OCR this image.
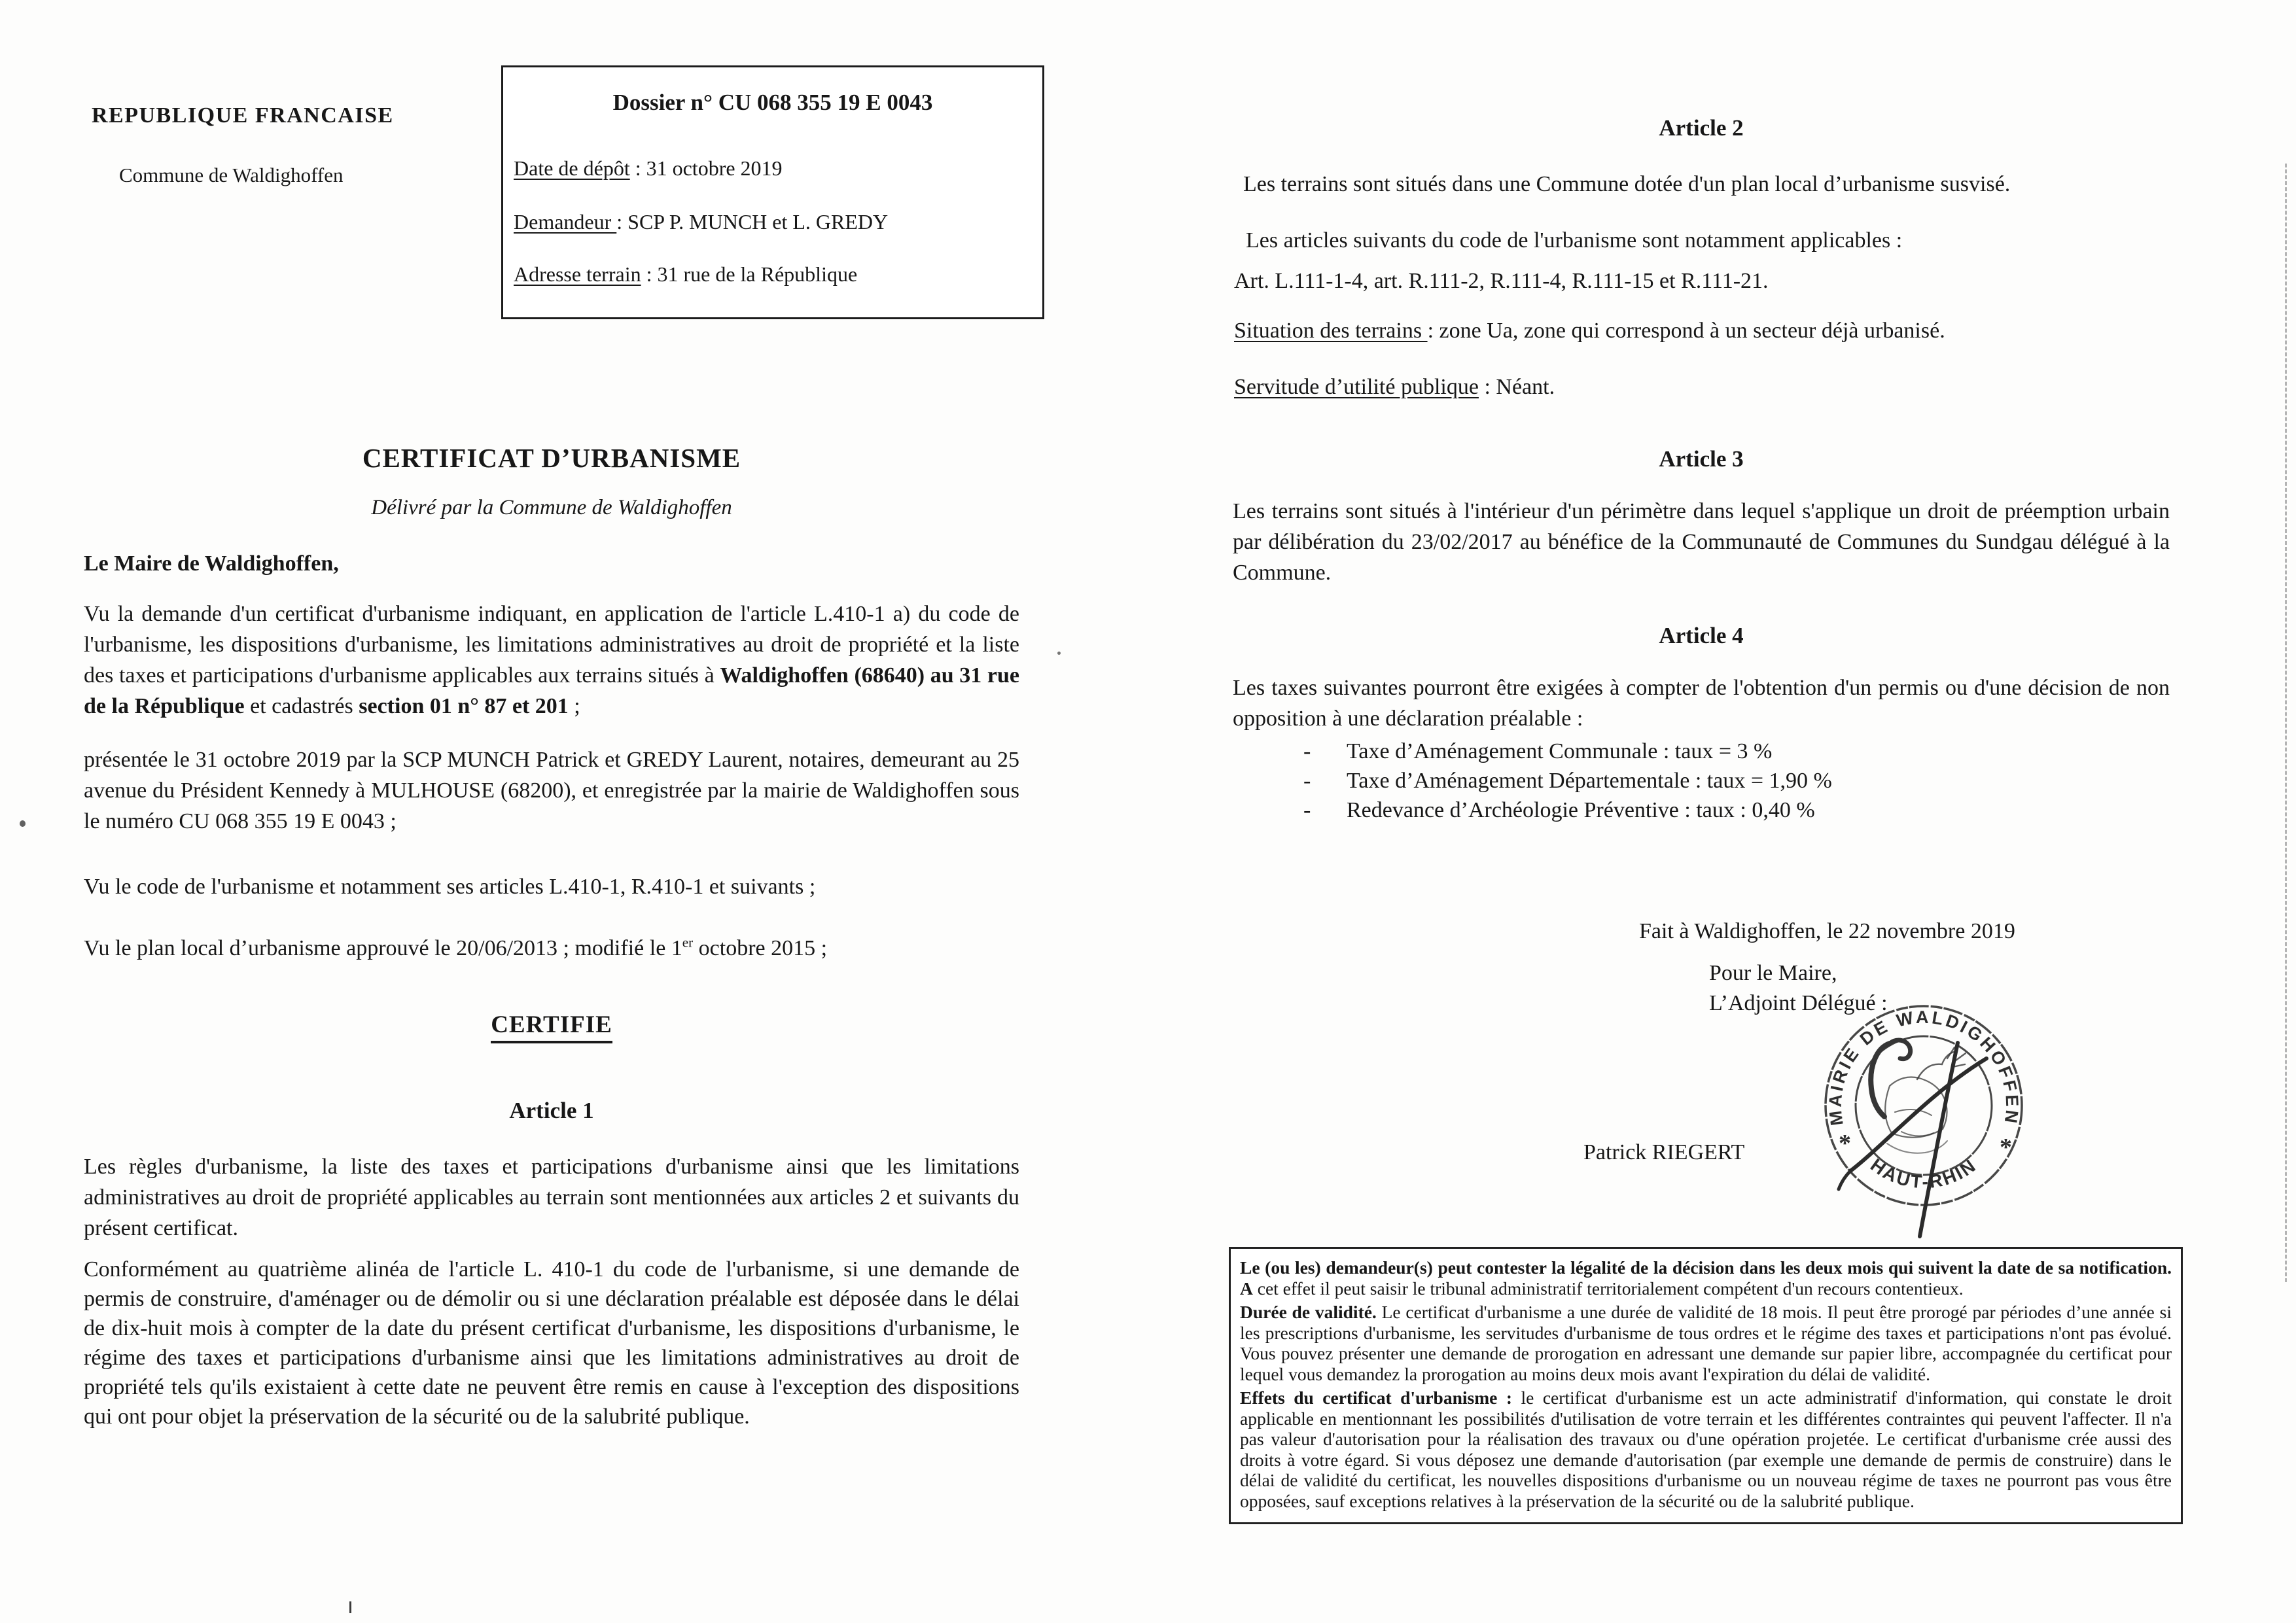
REPUBLIQUE FRANCAISE
Commune de Waldighoffen
Dossier n° CU 068 355 19 E 0043
Date de dépôt : 31 octobre 2019
Demandeur : SCP P. MUNCH et L. GREDY
Adresse terrain : 31 rue de la République
CERTIFICAT D’URBANISME
Délivré par la Commune de Waldighoffen
Le Maire de Waldighoffen,
Vu la demande d'un certificat d'urbanisme indiquant, en application de l'article L.410-1 a) du code de l'urbanisme, les dispositions d'urbanisme, les limitations administratives au droit de propriété et la liste des taxes et participations d'urbanisme applicables aux terrains situés à Waldighoffen (68640) au 31 rue de la République et cadastrés section 01 n° 87 et 201 ;
présentée le 31 octobre 2019 par la SCP MUNCH Patrick et GREDY Laurent, notaires, demeurant au 25 avenue du Président Kennedy à MULHOUSE (68200), et enregistrée par la mairie de Waldighoffen sous le numéro CU 068 355 19 E 0043 ;
Vu le code de l'urbanisme et notamment ses articles L.410-1, R.410-1 et suivants ;
Vu le plan local d’urbanisme approuvé le 20/06/2013 ; modifié le 1er octobre 2015 ;
CERTIFIE
Article 1
Les règles d'urbanisme, la liste des taxes et participations d'urbanisme ainsi que les limitations administratives au droit de propriété applicables au terrain sont mentionnées aux articles 2 et suivants du présent certificat.
Conformément au quatrième alinéa de l'article L. 410-1 du code de l'urbanisme, si une demande de permis de construire, d'aménager ou de démolir ou si une déclaration préalable est déposée dans le délai de dix-huit mois à compter de la date du présent certificat d'urbanisme, les dispositions d'urbanisme, le régime des taxes et participations d'urbanisme ainsi que les limitations administratives au droit de propriété tels qu'ils existaient à cette date ne peuvent être remis en cause à l'exception des dispositions qui ont pour objet la préservation de la sécurité ou de la salubrité publique.
Article 2
Les terrains sont situés dans une Commune dotée d'un plan local d’urbanisme susvisé.
Les articles suivants du code de l'urbanisme sont notamment applicables :
Art. L.111-1-4, art. R.111-2, R.111-4, R.111-15 et R.111-21.
Situation des terrains : zone Ua, zone qui correspond à un secteur déjà urbanisé.
Servitude d’utilité publique : Néant.
Article 3
Les terrains sont situés à l'intérieur d'un périmètre dans lequel s'applique un droit de préemption urbain par délibération du 23/02/2017 au bénéfice de la Communauté de Communes du Sundgau délégué à la Commune.
Article 4
Les taxes suivantes pourront être exigées à compter de l'obtention d'un permis ou d'une décision de non opposition à une déclaration préalable :
-	Taxe d’Aménagement Communale : taux = 3 %
-	Taxe d’Aménagement Départementale : taux = 1,90 %
-	Redevance d’Archéologie Préventive : taux : 0,40 %
Fait à Waldighoffen, le 22 novembre 2019
Pour le Maire,
L’Adjoint Délégué :
Patrick RIEGERT
MAIRIE DE WALDIGHOFFEN
HAUT-RHIN
*	*

Le (ou les) demandeur(s) peut contester la légalité de la décision dans les deux mois qui suivent la date de sa notification. A cet effet il peut saisir le tribunal administratif territorialement compétent d'un recours contentieux.

Durée de validité. Le certificat d'urbanisme a une durée de validité de 18 mois. Il peut être prorogé par périodes d’une année si les prescriptions d'urbanisme, les servitudes d'urbanisme de tous ordres et le régime des taxes et participations n'ont pas évolué. Vous pouvez présenter une demande de prorogation en adressant une demande sur papier libre, accompagnée du certificat pour lequel vous demandez la prorogation au moins deux mois avant l'expiration du délai de validité.

Effets du certificat d'urbanisme : le certificat d'urbanisme est un acte administratif d'information, qui constate le droit applicable en mentionnant les possibilités d'utilisation de votre terrain et les différentes contraintes qui peuvent l'affecter. Il n'a pas valeur d'autorisation pour la réalisation des travaux ou d'une opération projetée. Le certificat d'urbanisme crée aussi des droits à votre égard. Si vous déposez une demande d'autorisation (par exemple une demande de permis de construire) dans le délai de validité du certificat, les nouvelles dispositions d'urbanisme ou un nouveau régime de taxes ne pourront pas vous être opposées, sauf exceptions relatives à la préservation de la sécurité ou de la salubrité publique.
